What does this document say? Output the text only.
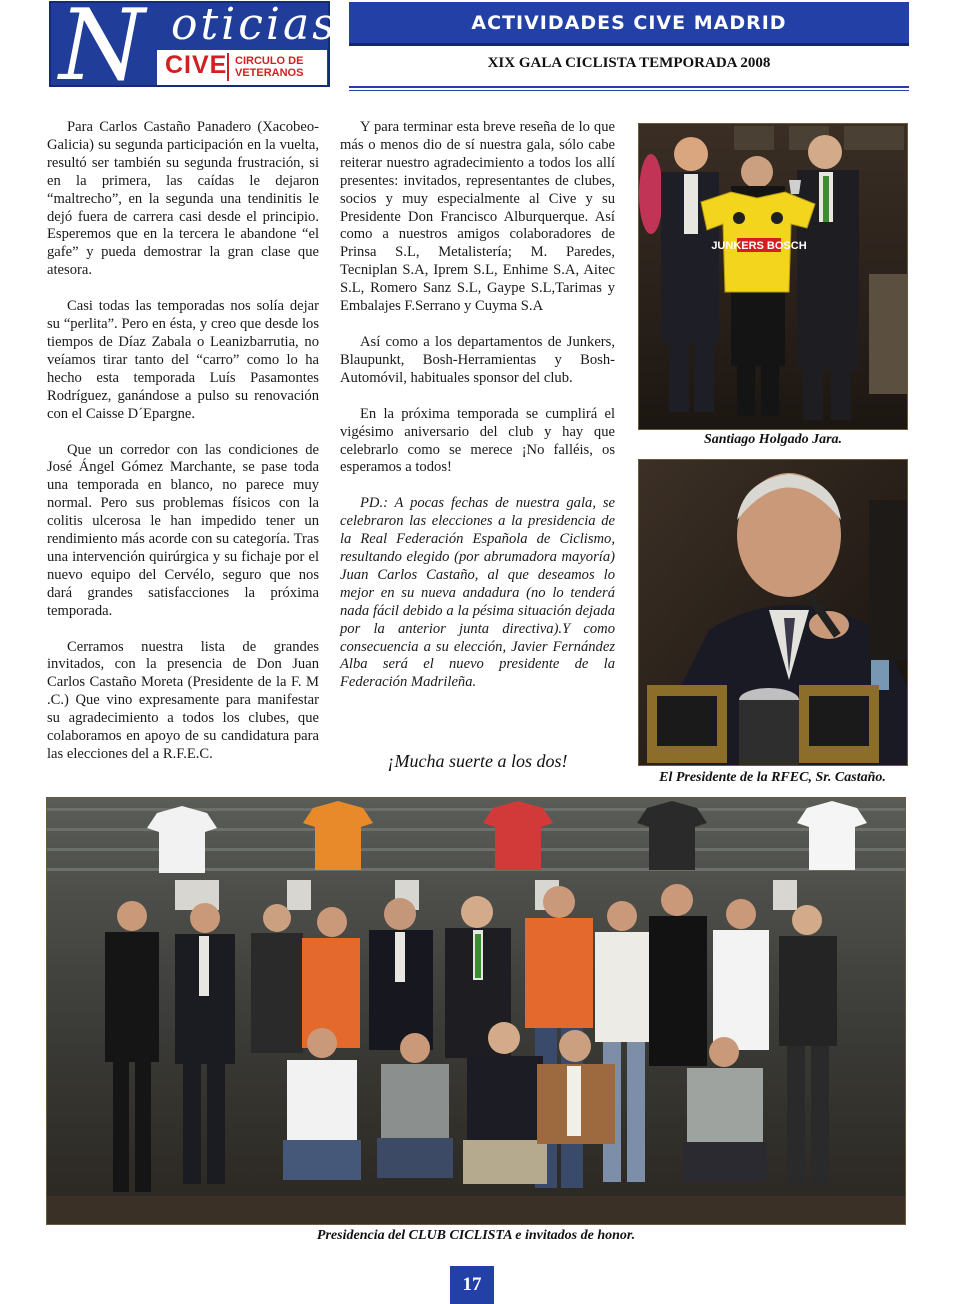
N oticias
CIVE CIRCULO DE
VETERANOS
ACTIVIDADES CIVE MADRID
XIX GALA CICLISTA TEMPORADA 2008

Para Carlos Castaño Panadero (Xacobeo-Galicia) su segunda participación en la vuelta, resultó ser también su segunda frustración, si en la primera, las caídas le dejaron “maltrecho”, en la segunda una tendinitis le dejó fuera de carrera casi desde el principio. Esperemos que en la tercera le abandone “el gafe” y pueda demostrar la gran clase que atesora.

Casi todas las temporadas nos solía dejar su “perlita”. Pero en ésta, y creo que desde los tiempos de Díaz Zabala o Leanizbarrutia, no veíamos tirar tanto del “carro” como lo ha hecho esta temporada Luís Pasamontes Rodríguez, ganándose a pulso su renovación con el Caisse D´Epargne.

Que un corredor con las condiciones de José Ángel Gómez Marchante, se pase toda una temporada en blanco, no parece muy normal. Pero sus problemas físicos con la colitis ulcerosa le han impedido tener un rendimiento más acorde con su categoría. Tras una intervención quirúrgica y su fichaje por el nuevo equipo del Cervélo, seguro que nos dará grandes satisfacciones la próxima temporada.

Cerramos nuestra lista de grandes invitados, con la presencia de Don Juan Carlos Castaño Moreta (Presidente de la F. M .C.) Que vino expresamente para manifestar su agradecimiento a todos los clubes, que colaboramos en apoyo de su candidatura para las elecciones del a R.F.E.C.

Y para terminar esta breve reseña de lo que más o menos dio de sí nuestra gala, sólo cabe reiterar nuestro agradecimiento a todos los allí presentes: invitados, representantes de clubes, socios y muy especialmente al Cive y su Presidente Don Francisco Alburquerque. Así como a nuestros amigos colaboradores de Prinsa S.L, Metalistería; M. Paredes, Tecniplan S.A, Iprem S.L, Enhime S.A, Aitec S.L, Romero Sanz S.L, Gaype S.L,Tarimas y Embalajes F.Serrano y Cuyma S.A

Así como a los departamentos de Junkers, Blaupunkt, Bosh-Herramientas y Bosh-Automóvil, habituales sponsor del club.

En la próxima temporada se cumplirá el vigésimo aniversario del club y hay que celebrarlo como se merece ¡No falléis, os esperamos a todos!

PD.: A pocas fechas de nuestra gala, se celebraron las elecciones a la presidencia de la Real Federación Española de Ciclismo, resultando elegido (por abrumadora mayoría) Juan Carlos Castaño, al que deseamos lo mejor en su nueva andadura (no lo tenderá nada fácil debido a la pésima situación dejada por la anterior junta directiva).Y como consecuencia a su elección, Javier Fernández Alba será el nuevo presidente de la Federación Madrileña.

¡Mucha suerte a los dos!
JUNKERS BOSCH
Santiago Holgado Jara.
El Presidente de la RFEC, Sr. Castaño.
Presidencia del CLUB CICLISTA e invitados de honor.
17
